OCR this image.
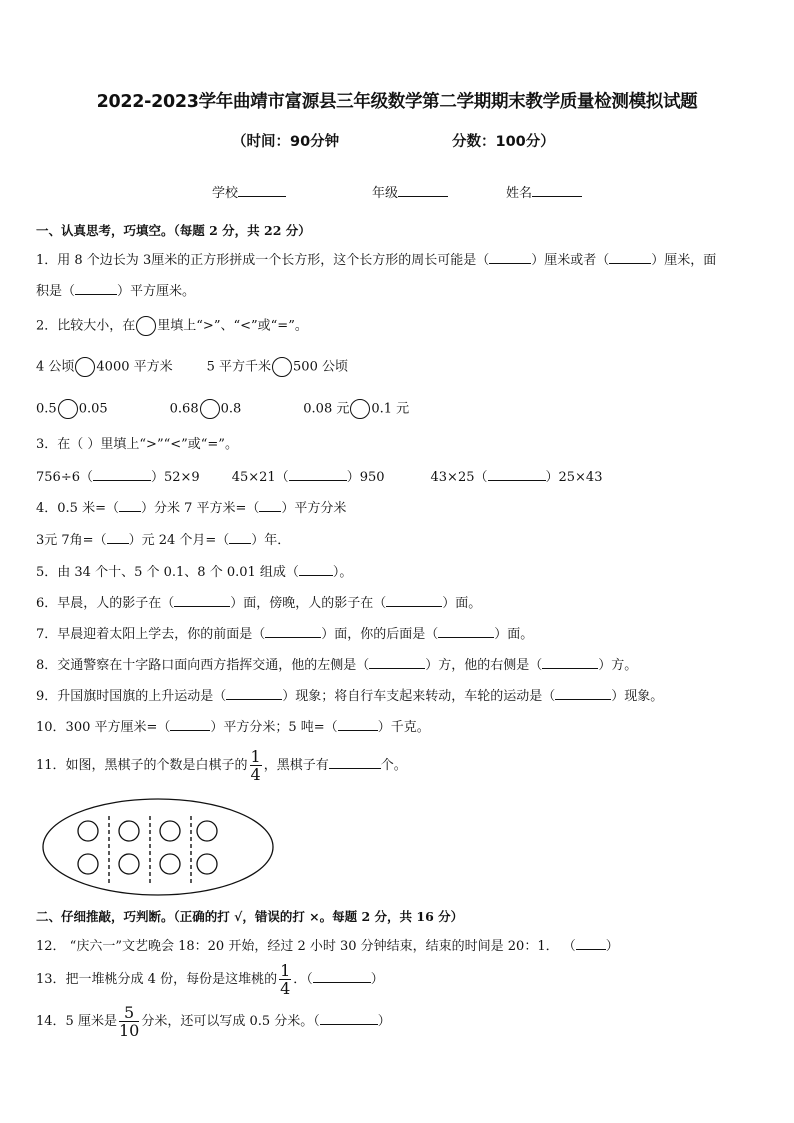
2022-2023学年曲靖市富源县三年级数学第二学期期末教学质量检测模拟试题
（时间：90分钟	分数：100分）
学校	年级	姓名
一、认真思考，巧填空。（每题 2 分，共 22 分）
1．用 8 个边长为 3厘米的正方形拼成一个长方形，这个长方形的周长可能是（	）厘米或者（	）厘米，面
积是（	）平方厘米。
2．比较大小，在 里填上“>”、“<”或“=”。
4 公顷 4000 平方米	5 平方千米 500 公顷
0.5 0.05	0.68 0.8	0.08 元 0.1 元
3．在（ ）里填上“>”“<”或“=”。
756÷6（	）52×9 45×21（	）950	43×25（	）25×43
4．0.5 米=（ ）分米 7 平方米=（ ）平方分米
3元 7角=（ ）元 24 个月=（ ）年．
5．由 34 个十、5 个 0.1、8 个 0.01 组成（	）。
6．早晨，人的影子在（	）面，傍晚，人的影子在（	）面。
7．早晨迎着太阳上学去，你的前面是（	）面，你的后面是（	）面。
8．交通警察在十字路口面向西方指挥交通，他的左侧是（	）方，他的右侧是（	）方。
9．升国旗时国旗的上升运动是（	）现象；将自行车支起来转动，车轮的运动是（	）现象。
10．300 平方厘米=（	）平方分米；5 吨=（	）千克。
11．如图，黑棋子的个数是白棋子的 $\frac{1}{4}$ ，黑棋子有	个。
二、仔细推敲，巧判断。（正确的打 √，错误的打 ×。每题 2 分，共 16 分）
12． “庆六一”文艺晚会 18：20 开始，经过 2 小时 30 分钟结束，结束的时间是 20：1． （ ）
13．把一堆桃分成 4 份，每份是这堆桃的 $\frac{1}{4}$ ．（	）
14．5 厘米是 $\frac{5}{10}$ 分米，还可以写成 0.5 分米。（	）
